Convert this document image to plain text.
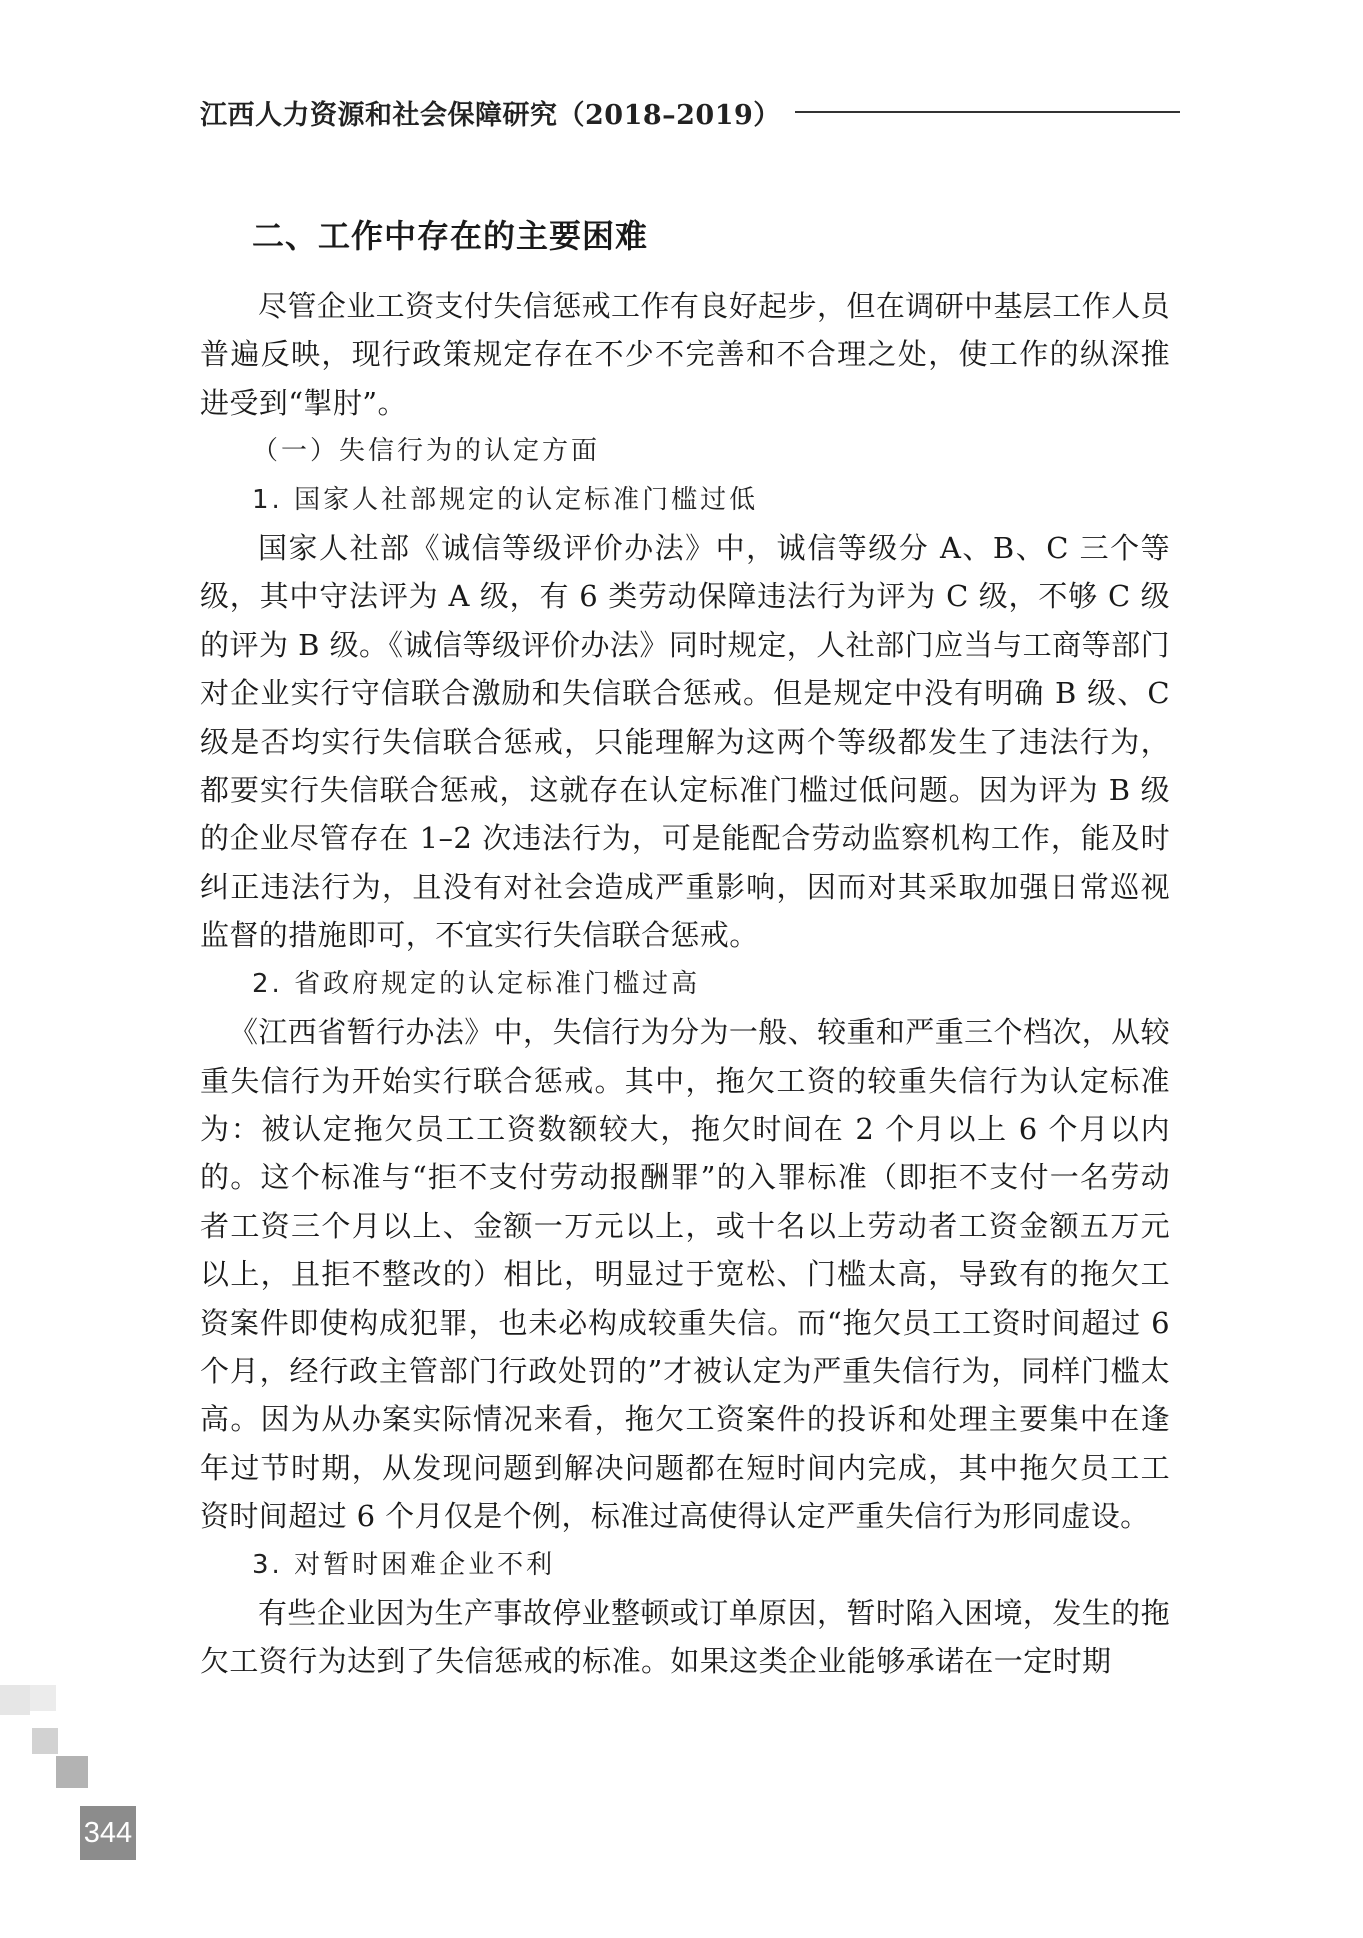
江西人力资源和社会保障研究（2018–2019）
二、工作中存在的主要困难

尽管企业工资支付失信惩戒工作有良好起步，但在调研中基层工作人员普遍反映，现行政策规定存在不少不完善和不合理之处，使工作的纵深推进受到“掣肘”。

（一）失信行为的认定方面

1. 国家人社部规定的认定标准门槛过低

国家人社部《诚信等级评价办法》中，诚信等级分 A、B、C 三个等级，其中守法评为 A 级，有 6 类劳动保障违法行为评为 C 级，不够 C 级的评为 B 级。《诚信等级评价办法》同时规定，人社部门应当与工商等部门对企业实行守信联合激励和失信联合惩戒。但是规定中没有明确 B 级、C 级是否均实行失信联合惩戒，只能理解为这两个等级都发生了违法行为，都要实行失信联合惩戒，这就存在认定标准门槛过低问题。因为评为 B 级的企业尽管存在 1–2 次违法行为，可是能配合劳动监察机构工作，能及时纠正违法行为，且没有对社会造成严重影响，因而对其采取加强日常巡视监督的措施即可，不宜实行失信联合惩戒。

2. 省政府规定的认定标准门槛过高

《江西省暂行办法》中，失信行为分为一般、较重和严重三个档次，从较重失信行为开始实行联合惩戒。其中，拖欠工资的较重失信行为认定标准为：被认定拖欠员工工资数额较大，拖欠时间在 2 个月以上 6 个月以内的。这个标准与“拒不支付劳动报酬罪”的入罪标准（即拒不支付一名劳动者工资三个月以上、金额一万元以上，或十名以上劳动者工资金额五万元以上，且拒不整改的）相比，明显过于宽松、门槛太高，导致有的拖欠工资案件即使构成犯罪，也未必构成较重失信。而“拖欠员工工资时间超过 6 个月，经行政主管部门行政处罚的”才被认定为严重失信行为，同样门槛太高。因为从办案实际情况来看，拖欠工资案件的投诉和处理主要集中在逢年过节时期，从发现问题到解决问题都在短时间内完成，其中拖欠员工工资时间超过 6 个月仅是个例，标准过高使得认定严重失信行为形同虚设。

3. 对暂时困难企业不利

有些企业因为生产事故停业整顿或订单原因，暂时陷入困境，发生的拖欠工资行为达到了失信惩戒的标准。如果这类企业能够承诺在一定时期

344
